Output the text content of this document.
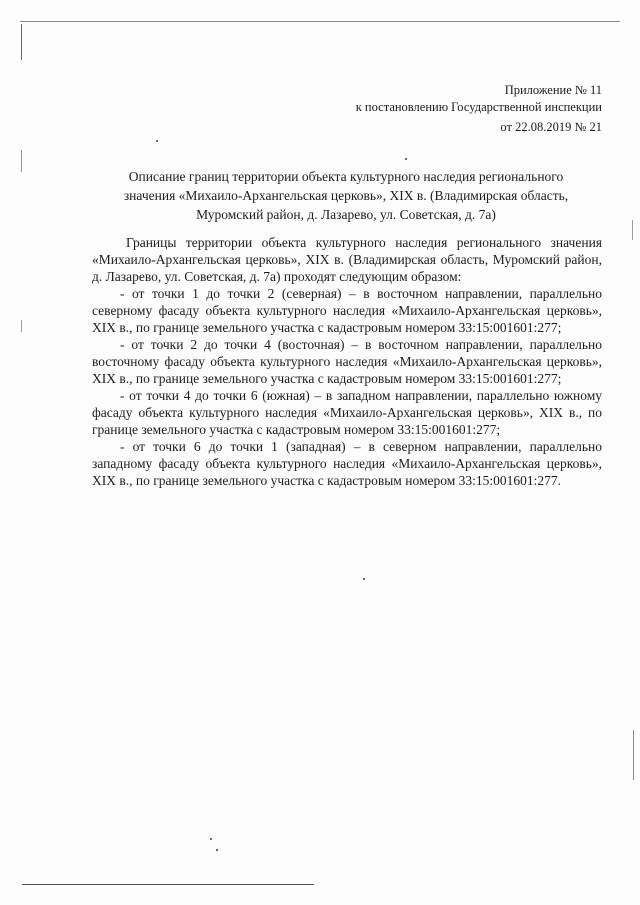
Приложение № 11
к постановлению Государственной инспекции
от 22.08.2019 № 21
Описание границ территории объекта культурного наследия регионального
значения «Михаило-Архангельская церковь», XIX в. (Владимирская область,
Муромский район, д. Лазарево, ул. Советская, д. 7а)

Границы территории объекта культурного наследия регионального значения «Михаило-Архангельская церковь», XIX в. (Владимирская область, Муромский район, д. Лазарево, ул. Советская, д. 7а) проходят следующим образом:

- от точки 1 до точки 2 (северная) – в восточном направлении, параллельно северному фасаду объекта культурного наследия «Михаило-Архангельская церковь», XIX в., по границе земельного участка с кадастровым номером 33:15:001601:277;

- от точки 2 до точки 4 (восточная) – в восточном направлении, параллельно восточному фасаду объекта культурного наследия «Михаило-Архангельская церковь», XIX в., по границе земельного участка с кадастровым номером 33:15:001601:277;

- от точки 4 до точки 6 (южная) – в западном направлении, параллельно южному фасаду объекта культурного наследия «Михаило-Архангельская церковь», XIX в., по границе земельного участка с кадастровым номером 33:15:001601:277;

- от точки 6 до точки 1 (западная) – в северном направлении, параллельно западному фасаду объекта культурного наследия «Михаило-Архангельская церковь», XIX в., по границе земельного участка с кадастровым номером 33:15:001601:277.
